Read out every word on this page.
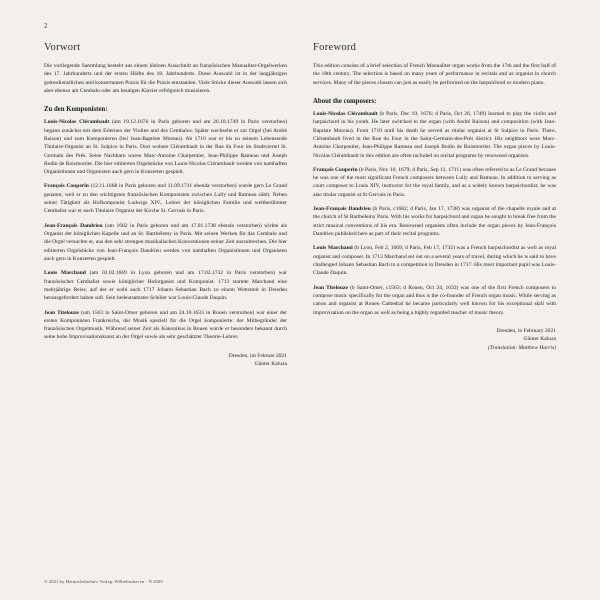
2
Vorwort

Die vorliegende Sammlung besteht aus einem kleinen Ausschnitt an französischen Manualiter-Orgelwerken des 17. Jahrhunderts und der ersten Hälfte des 18. Jahrhunderts. Diese Auswahl ist in der langjährigen gottesdienstlichen und konzertanten Praxis für die Praxis entstanden. Viele Stücke dieser Auswahl lassen sich aber ebenso am Cembalo oder am heutigen Klavier erfolgreich musizieren.

Zu den Komponisten:

Louis-Nicolas Clérambault (am 19.12.1676 in Paris geboren und am 26.10.1749 in Paris verstorben) begann zunächst mit dem Erlernen der Violine und des Cembalos. Später wechselte er zur Orgel (bei André Raison) und zum Komponieren (bei Jean-Baptiste Moreau). Ab 1710 war er bis zu seinem Lebensende Titulaire-Organist an St. Sulpice in Paris. Dort wohnte Clérambault in der Rue du Four im Stadtviertel St. Germain des Prés. Seine Nachbarn waren Marc-Antoine Charpentier, Jean-Philippe Rameau und Joseph Bodin de Boismortier. Die hier editierten Orgelstücke von Louis-Nicolas Clérambault werden von namhaften Organistinnen und Organisten auch gern in Konzerten gespielt.

François Couperin (12.11.1668 in Paris geboren und 11.09.1711 ebenda verstorben) wurde gern Le Grand genannt, weil er zu den wichtigsten französischen Komponisten zwischen Lully und Rameau zählt. Neben seiner Tätigkeit als Hofkomponist Ludwigs XIV., Lehrer der königlichen Familie und weltberühmter Cembalist war er auch Titulaire Organist der Kirche St. Gervais in Paris.

Jean-François Dandrieu (um 1682 in Paris geboren und am 17.01.1738 ebenda verstorben) wirkte als Organist der königlichen Kapelle und an St. Barthélemy in Paris. Mit seinen Werken für das Cembalo und die Orgel versuchte er, aus den sehr strengen musikalischen Konventionen seiner Zeit auszubrechen. Die hier editierten Orgelstücke von Jean-François Dandrieu werden von namhaften Organistinnen und Organisten auch gern in Konzerten gespielt.

Louis Marchand (am 02.02.1669 in Lyon geboren und am 17.02.1732 in Paris verstorben) war französischer Cembalist sowie königlicher Hoforganist und Komponist. 1713 startete Marchand eine mehrjährige Reise, auf der er wohl auch 1717 Johann Sebastian Bach zu einem Wettstreit in Dresden herausgefordert haben soll. Sein bedeutsamster Schüler war Louis-Claude Daquin.

Jean Titelouze (um 1563 in Saint-Omer geboren und am 24.10.1633 in Rouen verstorben) war einer der ersten Komponisten Frankreichs, der Musik speziell für die Orgel komponierte: der Mitbegründer der französischen Orgelmusik. Während seiner Zeit als Kanonikus in Rouen wurde er besonders bekannt durch seine hohe Improvisationskunst an der Orgel sowie als sehr geschätzter Theorie-Lehrer.

Dresden, im Februar 2021
Günter Kaluza
Foreword

This edition consists of a brief selection of French Manualiter organ works from the 17th and the first half of the 18th century. The selection is based on many years of performance in recitals and as organist in church services. Many of the pieces chosen can just as easily be performed on the harpsichord or modern piano.

About the composers:

Louis-Nicolas Clérambault (b Paris, Dec 19, 1676; d Paris, Oct 26, 1749) learned to play the violin and harpsichord in his youth. He later switched to the organ (with André Raison) and composition (with Jean-Baptiste Moreau). From 1710 until his death he served as titular organist at St Sulpice in Paris. There, Clérambault lived in the Rue du Four in the Saint-Germain-des-Prés district. His neighbors were Marc-Antoine Charpentier, Jean-Philippe Rameau and Joseph Bodin de Boismortier. The organ pieces by Louis-Nicolas Clérambault in this edition are often included on recital programs by renowned organists.

François Couperin (b Paris, Nov 10, 1679; d Paris, Sep 11, 1711) was often referred to as Le Grand because he was one of the most significant French composers between Lully and Rameau. In addition to serving as court composer to Louis XIV, instructor for the royal family, and as a widely known harpsichordist, he was also titular organist at St Gervais in Paris.

Jean-François Dandrieu (b Paris, c1682; d Paris, Jan 17, 1738) was organist of the chapelle royale and at the church of St Barthélemy Paris. With his works for harpsichord and organ he sought to break free from the strict musical conventions of his era. Renowned organists often include the organ pieces by Jean-François Dandrieu published here as part of their recital programs.

Louis Marchand (b Lyon, Feb 2, 1669; d Paris, Feb 17, 1732) was a French harpsichordist as well as royal organist and composer. In 1713 Marchand set out on a several years of travel, during which he is said to have challenged Johann Sebastian Bach to a competition in Dresden in 1717. His most important pupil was Louis-Claude Daquin.

Jean Titelouze (b Saint-Omer, c1563; d Rouen, Oct 24, 1633) was one of the first French composers to compose music specifically for the organ and thus is the co-founder of French organ music. While serving as canon and organist at Rouen Cathedral he became particularly well known for his exceptional skill with improvisation on the organ as well as being a highly regarded teacher of music theory.

Dresden, in February 2021
Günter Kaluza
(Translation: Matthew Harris)
© 2021 by Heinrichshofen's Verlag, Wilhelmshaven · N 2609
